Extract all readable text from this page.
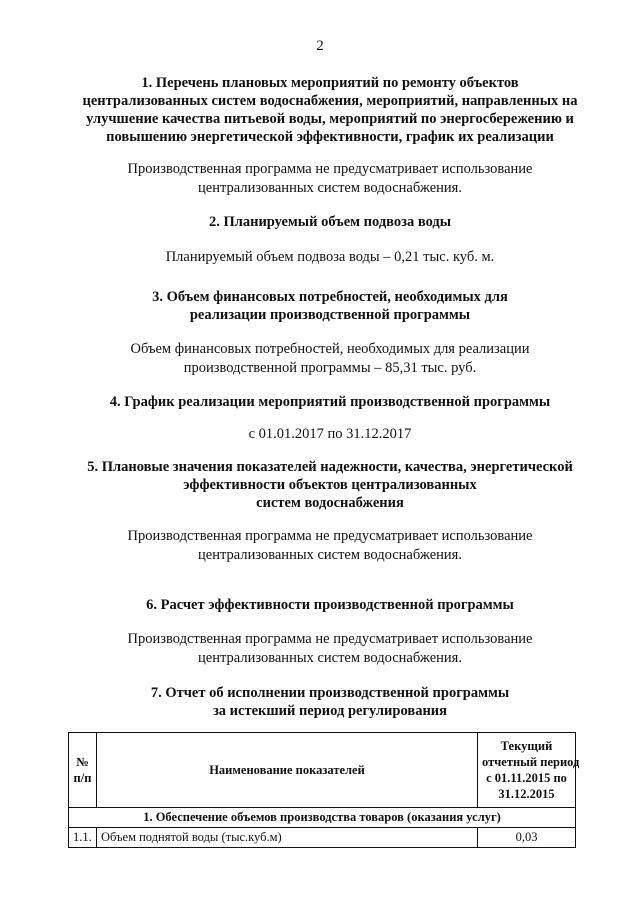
2
1. Перечень плановых мероприятий по ремонту объектов
централизованных систем водоснабжения, мероприятий, направленных на
улучшение качества питьевой воды, мероприятий по энергосбережению и
повышению энергетической эффективности, график их реализации
Производственная программа не предусматривает использование
централизованных систем водоснабжения.
2. Планируемый объем подвоза воды
Планируемый объем подвоза воды – 0,21 тыс. куб. м.
3. Объем финансовых потребностей, необходимых для
реализации производственной программы
Объем финансовых потребностей, необходимых для реализации
производственной программы – 85,31 тыс. руб.
4. График реализации мероприятий производственной программы
с 01.01.2017 по 31.12.2017
5. Плановые значения показателей надежности, качества, энергетической
эффективности объектов централизованных
систем водоснабжения
Производственная программа не предусматривает использование
централизованных систем водоснабжения.
6. Расчет эффективности производственной программы
Производственная программа не предусматривает использование
централизованных систем водоснабжения.
7. Отчет об исполнении производственной программы
за истекший период регулирования
№
п/п	Наименование показателей	Текущий
отчетный период
с 01.11.2015 по
31.12.2015

1. Обеспечение объемов производства товаров (оказания услуг)		
1.1.	Объем поднятой воды (тыс.куб.м)	0,03
